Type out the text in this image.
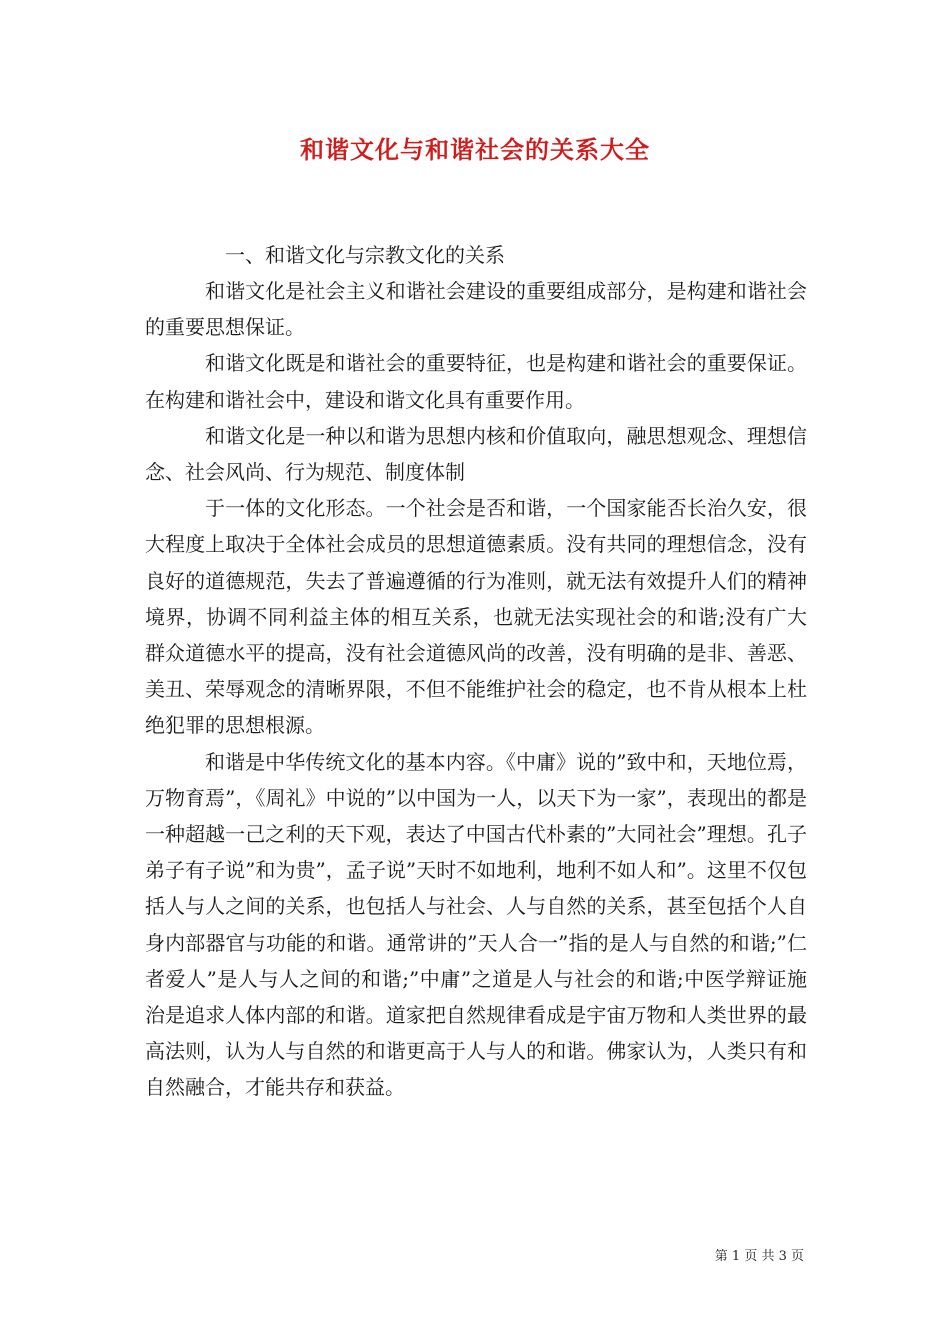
和谐文化与和谐社会的关系大全

一、和谐文化与宗教文化的关系

和谐文化是社会主义和谐社会建设的重要组成部分，是构建和谐社会的重要思想保证。

和谐文化既是和谐社会的重要特征，也是构建和谐社会的重要保证。在构建和谐社会中，建设和谐文化具有重要作用。

和谐文化是一种以和谐为思想内核和价值取向，融思想观念、理想信念、社会风尚、行为规范、制度体制

于一体的文化形态。一个社会是否和谐，一个国家能否长治久安，很大程度上取决于全体社会成员的思想道德素质。没有共同的理想信念，没有良好的道德规范，失去了普遍遵循的行为准则，就无法有效提升人们的精神境界，协调不同利益主体的相互关系，也就无法实现社会的和谐;没有广大群众道德水平的提高，没有社会道德风尚的改善，没有明确的是非、善恶、美丑、荣辱观念的清晰界限，不但不能维护社会的稳定，也不肯从根本上杜绝犯罪的思想根源。

和谐是中华传统文化的基本内容。《中庸》说的”致中和，天地位焉，万物育焉”，《周礼》中说的”以中国为一人，以天下为一家”，表现出的都是一种超越一己之利的天下观，表达了中国古代朴素的”大同社会”理想。孔子弟子有子说”和为贵”，孟子说”天时不如地利，地利不如人和”。这里不仅包括人与人之间的关系，也包括人与社会、人与自然的关系，甚至包括个人自身内部器官与功能的和谐。通常讲的”天人合一”指的是人与自然的和谐;”仁者爱人”是人与人之间的和谐;”中庸”之道是人与社会的和谐;中医学辩证施治是追求人体内部的和谐。道家把自然规律看成是宇宙万物和人类世界的最高法则，认为人与自然的和谐更高于人与人的和谐。佛家认为，人类只有和自然融合，才能共存和获益。

第 1 页 共 3 页
